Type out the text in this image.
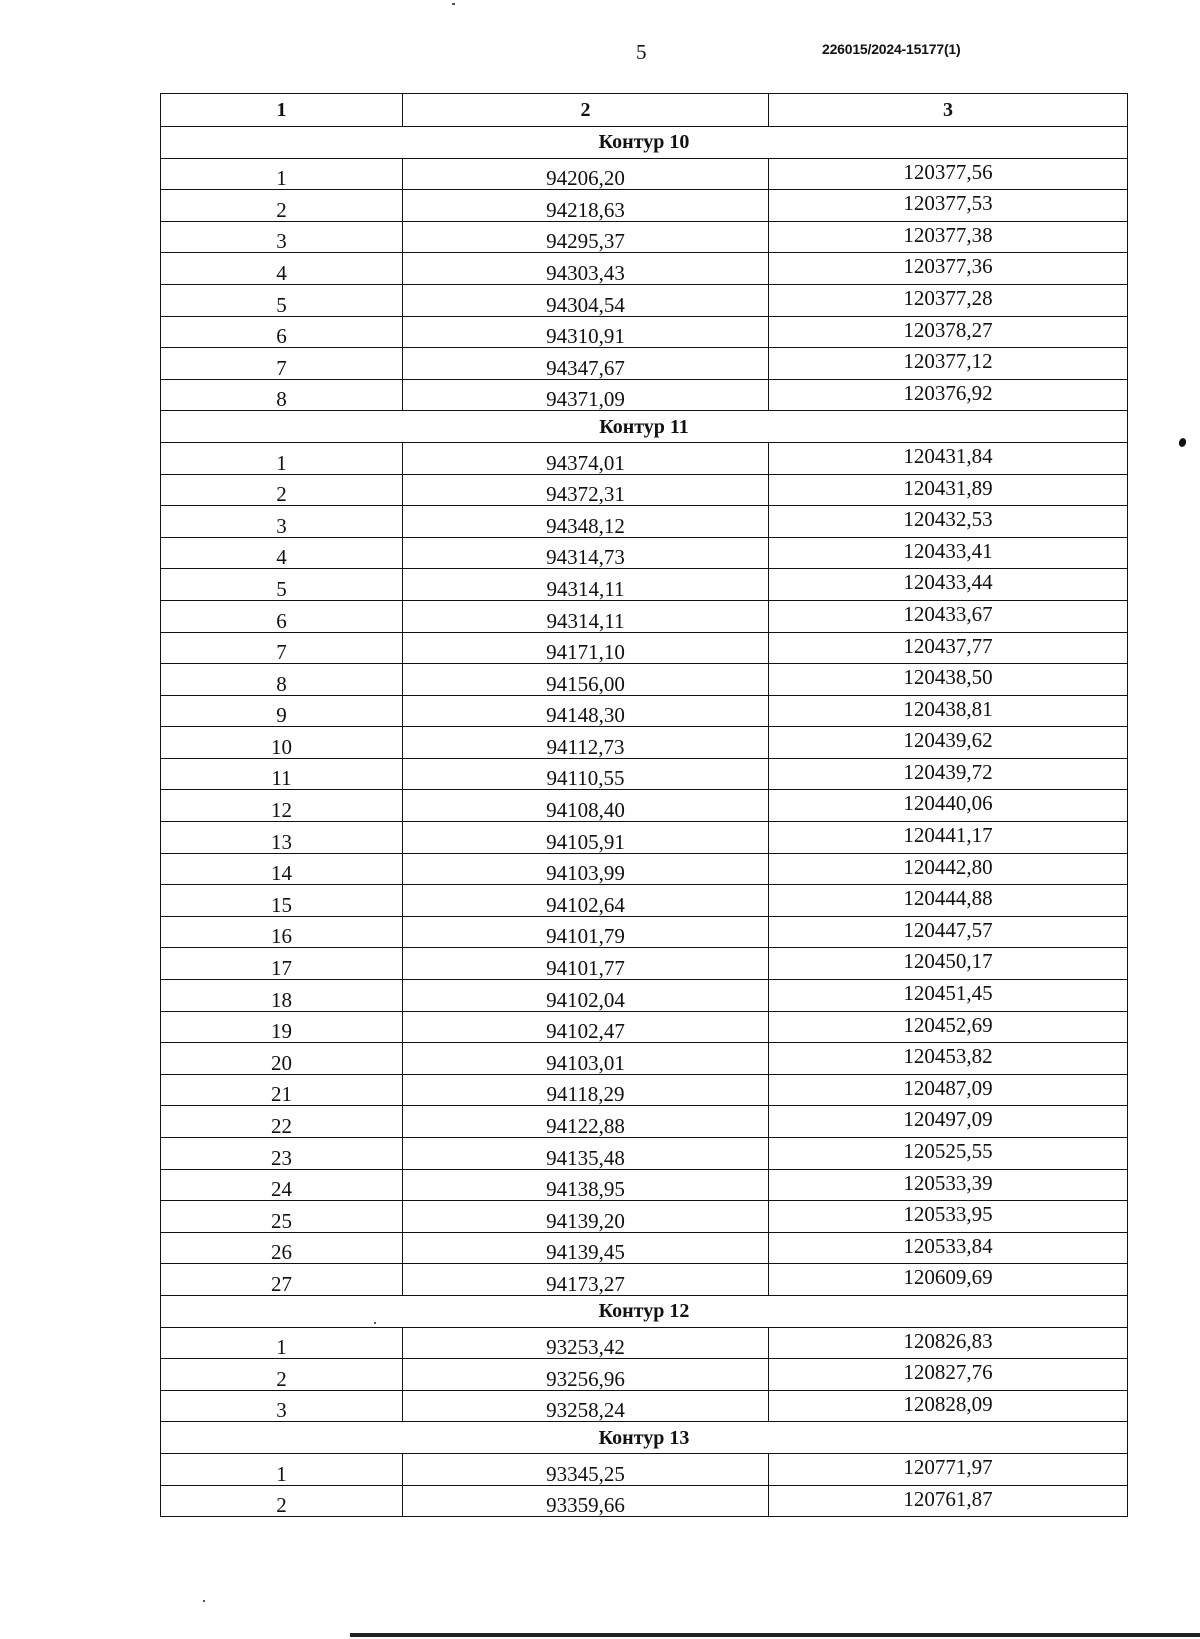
5	226015/2024-15177(1)
1	2	3
Контур 10		
1	94206,20	120377,56
2	94218,63	120377,53
3	94295,37	120377,38
4	94303,43	120377,36
5	94304,54	120377,28
6	94310,91	120378,27
7	94347,67	120377,12
8	94371,09	120376,92
Контур 11		
1	94374,01	120431,84
2	94372,31	120431,89
3	94348,12	120432,53
4	94314,73	120433,41
5	94314,11	120433,44
6	94314,11	120433,67
7	94171,10	120437,77
8	94156,00	120438,50
9	94148,30	120438,81
10	94112,73	120439,62
11	94110,55	120439,72
12	94108,40	120440,06
13	94105,91	120441,17
14	94103,99	120442,80
15	94102,64	120444,88
16	94101,79	120447,57
17	94101,77	120450,17
18	94102,04	120451,45
19	94102,47	120452,69
20	94103,01	120453,82
21	94118,29	120487,09
22	94122,88	120497,09
23	94135,48	120525,55
24	94138,95	120533,39
25	94139,20	120533,95
26	94139,45	120533,84
27	94173,27	120609,69
Контур 12		
1	93253,42	120826,83
2	93256,96	120827,76
3	93258,24	120828,09
Контур 13		
1	93345,25	120771,97
2	93359,66	120761,87
